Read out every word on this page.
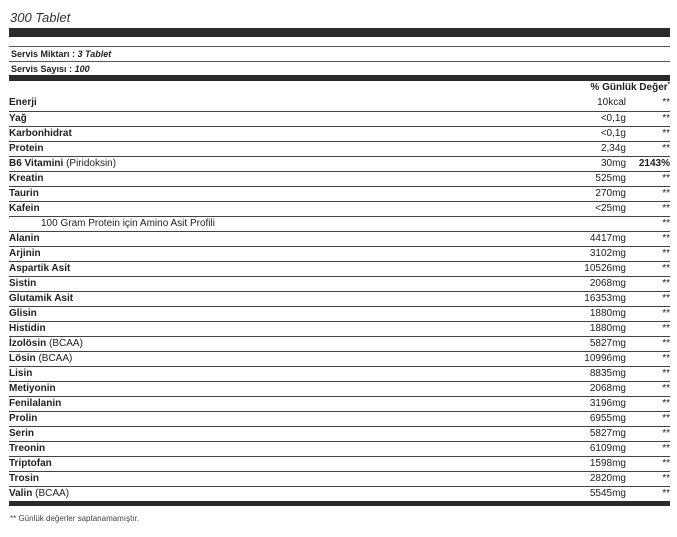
300 Tablet
Servis Miktarı : 3 Tablet
Servis Sayısı : 100
% Günlük Değer*
Enerji	10kcal	**
Yağ	<0,1g	**
Karbonhidrat	<0,1g	**
Protein	2,34g	**
B6 Vitamini (Piridoksin)	30mg	2143%
Kreatin	525mg	**
Taurin	270mg	**
Kafein	<25mg	**
100 Gram Protein için Amino Asit Profili		**
Alanin	4417mg	**
Arjinin	3102mg	**
Aspartik Asit	10526mg	**
Sistin	2068mg	**
Glutamik Asit	16353mg	**
Glisin	1880mg	**
Histidin	1880mg	**
İzolösin (BCAA)	5827mg	**
Lösin (BCAA)	10996mg	**
Lisin	8835mg	**
Metiyonin	2068mg	**
Fenilalanin	3196mg	**
Prolin	6955mg	**
Serin	5827mg	**
Treonin	6109mg	**
Triptofan	1598mg	**
Trosin	2820mg	**
Valin (BCAA)	5545mg	**
** Günlük değerler saptanamamıştır.
